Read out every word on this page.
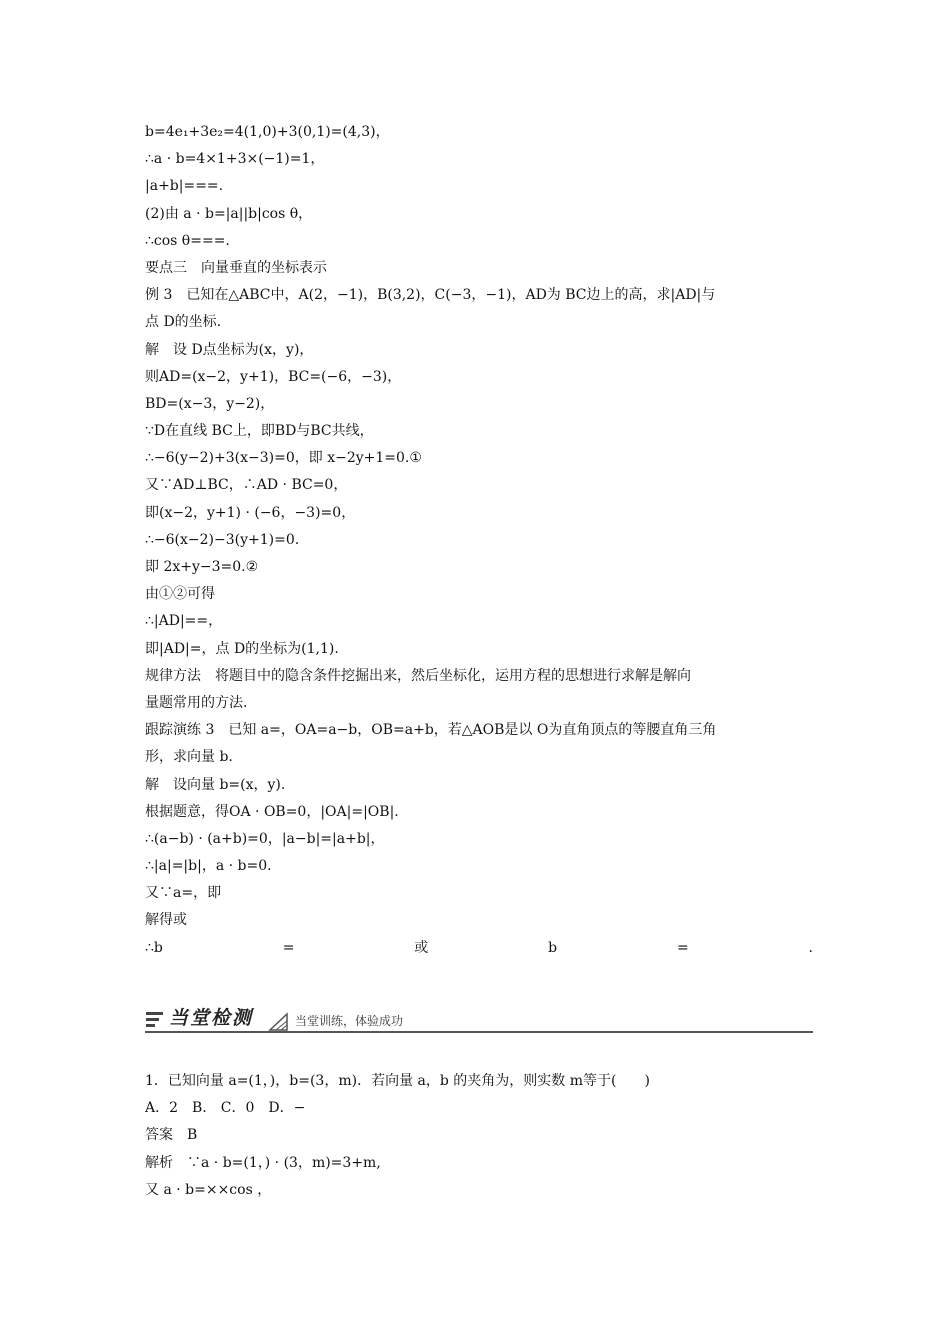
b=4e₁+3e₂=4(1,0)+3(0,1)=(4,3)，
∴a · b=4×1+3×(−1)=1，
|a+b|===.
(2)由 a · b=|a||b|cos θ，
∴cos θ===.
要点三　向量垂直的坐标表示
例 3　已知在△ABC中，A(2，−1)，B(3,2)，C(−3，−1)，AD为 BC边上的高，求|AD|与
点 D的坐标.
解　设 D点坐标为(x，y)，
则AD=(x−2，y+1)，BC=(−6，−3)，
BD=(x−3，y−2)，
∵D在直线 BC上，即BD与BC共线，
∴−6(y−2)+3(x−3)=0，即 x−2y+1=0.①
又∵AD⊥BC，∴AD · BC=0，
即(x−2，y+1) · (−6，−3)=0，
∴−6(x−2)−3(y+1)=0.
即 2x+y−3=0.②
由①②可得
∴|AD|==，
即|AD|=，点 D的坐标为(1,1).
规律方法　将题目中的隐含条件挖掘出来，然后坐标化，运用方程的思想进行求解是解向
量题常用的方法.
跟踪演练 3　已知 a=，OA=a−b，OB=a+b，若△AOB是以 O为直角顶点的等腰直角三角
形，求向量 b.
解　设向量 b=(x，y).
根据题意，得OA · OB=0，|OA|=|OB|.
∴(a−b) · (a+b)=0，|a−b|=|a+b|，
∴|a|=|b|，a · b=0.
又∵a=，即
解得或
∴b	=	或	b	=	.
当堂检测	当堂训练，体验成功
1．已知向量 a=(1，)，b=(3，m)．若向量 a，b 的夹角为，则实数 m等于(　　)
A．2　B.　C．0　D．−
答案　B
解析　∵a · b=(1，) · (3，m)=3+m,
又 a · b=××cos ，
